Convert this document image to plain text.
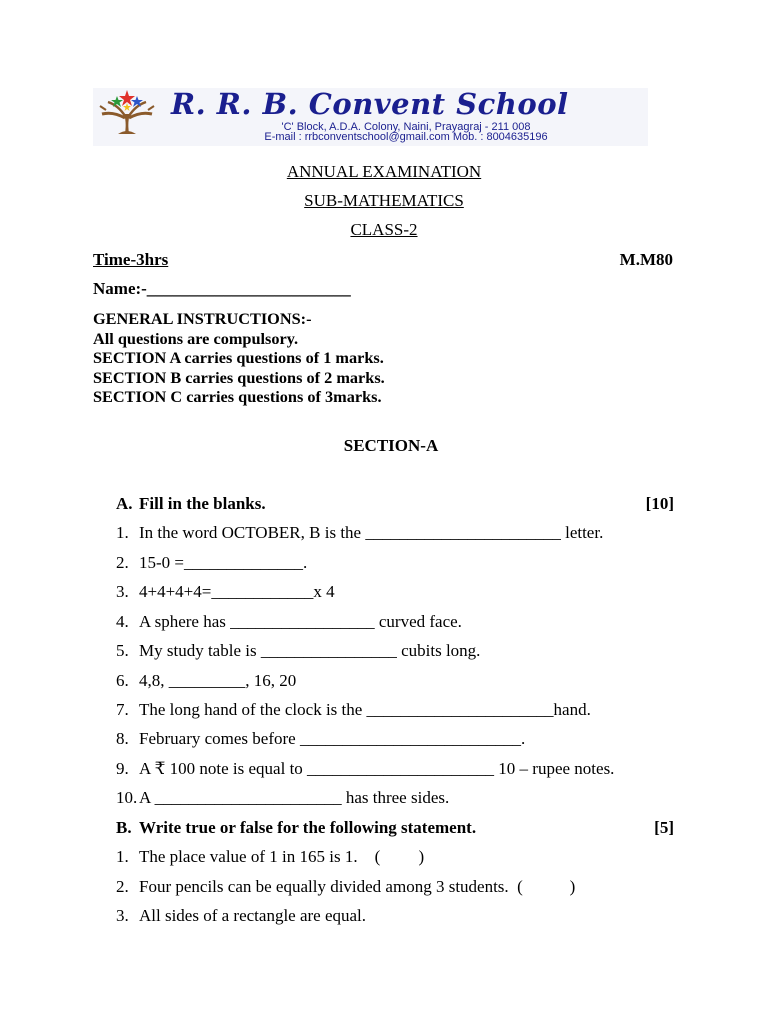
R. R. B. Convent School
'C' Block, A.D.A. Colony, Naini, Prayagraj - 211 008
E-mail : rrbconventschool@gmail.com Mob. : 8004635196
ANNUAL EXAMINATION
SUB-MATHEMATICS
CLASS-2
Time-3hrs	M.M80
Name:-________________________
GENERAL INSTRUCTIONS:-
All questions are compulsory.
SECTION A carries questions of 1 marks.
SECTION B carries questions of 2 marks.
SECTION C carries questions of 3marks.
SECTION-A
A. Fill in the blanks.	[10]
1. In the word OCTOBER, B is the _______________________ letter.
2. 15-0 =______________.
3. 4+4+4+4=____________x 4
4. A sphere has _________________ curved face.
5. My study table is ________________ cubits long.
6. 4,8, _________, 16, 20
7. The long hand of the clock is the ______________________hand.
8. February comes before __________________________.
9. A ₹ 100 note is equal to ______________________ 10 – rupee notes.
10. A ______________________ has three sides.
B. Write true or false for the following statement.	[5]
1. The place value of 1 in 165 is 1.    (         )
2. Four pencils can be equally divided among 3 students.  (           )
3. All sides of a rectangle are equal.
